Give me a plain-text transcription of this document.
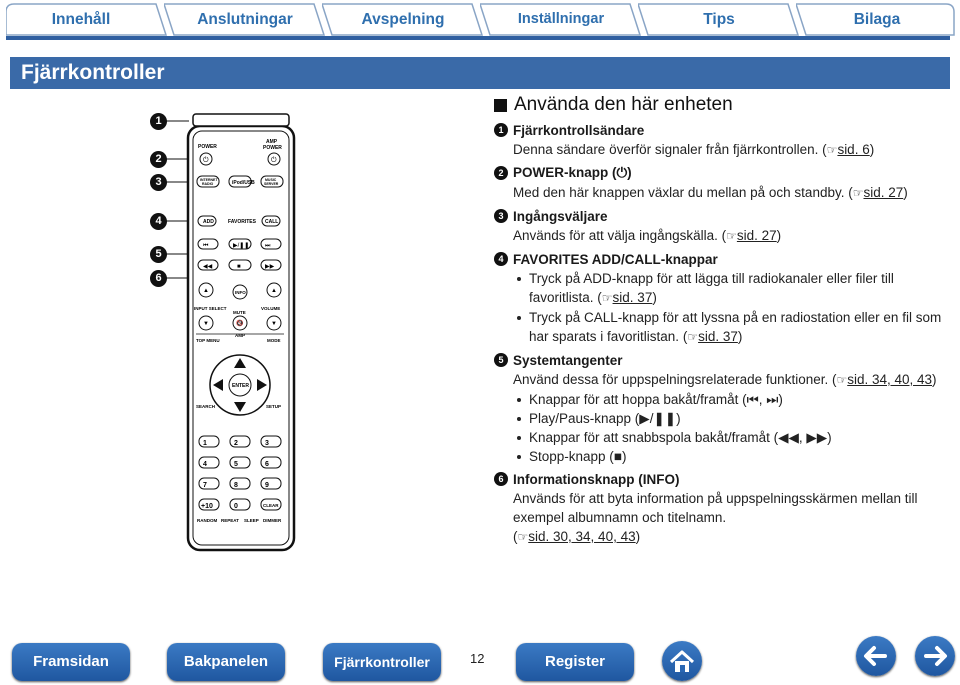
Innehåll	Anslutningar	Avspelning	Inställningar	Tips	Bilaga
Fjärrkontroller
1
2
3
4
5
6
POWER
AMP
POWER
⏻	⏻
INTERNET
RADIO	iPod/USB	MUSIC
SERVER
ADD	FAVORITES CALL
⏮	▶/❚❚	⏭
◀◀	■	▶▶
▲	▲
INFO
INPUT SELECT
MUTE
VOLUME
▼	▼
🔇
AMP
TOP MENU	MODE
ENTER
SEARCH	SETUP
1	2	3
4	5	6
7	8	9
+10	0	CLEAR
RANDOM REPEAT SLEEP DIMMER
Använda den här enheten
1 Fjärrkontrollsändare
Denna sändare överför signaler från fjärrkontrollen. (☞sid. 6)
2 POWER-knapp (⏻)
Med den här knappen växlar du mellan på och standby. (☞sid. 27)
3 Ingångsväljare
Används för att välja ingångskälla. (☞sid. 27)
4 FAVORITES ADD/CALL-knappar
Tryck på ADD-knapp för att lägga till radiokanaler eller filer till favoritlista. (☞sid. 37)
Tryck på CALL-knapp för att lyssna på en radiostation eller en fil som har sparats i favoritlistan. (☞sid. 37)
5 Systemtangenter
Använd dessa för uppspelningsrelaterade funktioner. (☞sid. 34, 40, 43)
Knappar för att hoppa bakåt/framåt (⏮, ⏭)
Play/Paus-knapp (▶/❚❚)
Knappar för att snabbspola bakåt/framåt (◀◀, ▶▶)
Stopp-knapp (■)
6 Informationsknapp (INFO)
Används för att byta information på uppspelningsskärmen mellan till exempel albumnamn och titelnamn.
(☞sid. 30, 34, 40, 43)
Framsidan	Bakpanelen	Fjärrkontroller	12	Register
